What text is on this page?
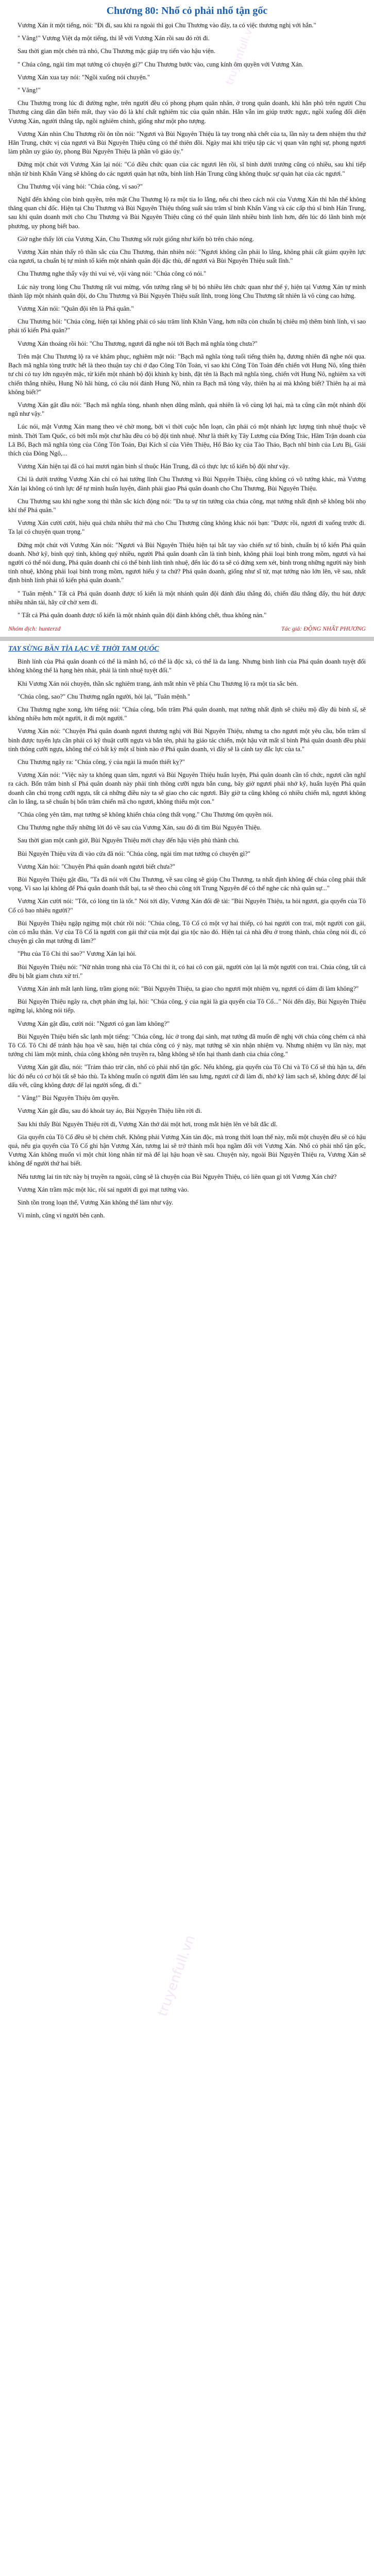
truyenfull.vn
truyenfull.vn
Chương 80: Nhổ cỏ phải nhổ tận gốc

Vương Xán ít một tiếng, nói: "Đi đi, sau khi ra ngoài thì gọi Chu Thương vào đây, ta có việc thương nghị với hắn."

" Vâng!" Vương Việt dạ một tiếng, thi lễ với Vương Xán rồi sau đó rời đi.

Sau thời gian một chén trà nhỏ, Chu Thương mặc giáp trụ tiến vào hậu viện.

" Chúa công, ngài tìm mạt tướng có chuyện gì?" Chu Thương bước vào, cung kính ôm quyền với Vương Xán.

Vương Xán xua tay nói: "Ngồi xuống nói chuyện."

" Vâng!"

Chu Thương trong lúc đi đường nghe, trên người đều có phong phạm quân nhân, ở trong quân doanh, khi hắn phô trên người Chu Thương càng dần dần biến mất, thay vào đó là khí chất nghiêm túc của quân nhân. Hắn vẫn im giúp trước ngực, ngồi xuống đối diện Vương Xán, người thẳng tắp, ngồi nghiêm chỉnh, giống như một pho tượng.

Vương Xán nhìn Chu Thương rồi ôn tồn nói: "Ngươi và Bùi Nguyên Thiệu là tay trong nhà chết của ta, lần này ta đem nhiệm thu thứ Hãn Trung, chức vị của ngươi và Bùi Nguyên Thiệu cũng có thể thiên đồi. Ngày mai khi triệu tập các vị quan văn nghị sự, phong ngươi làm phần uy giáo úy, phong Bùi Nguyên Thiệu là phần vô giáo úy."

Đứng một chút với Vương Xán lại nói: "Có điều chức quan của các ngươi lên rồi, sĩ binh dưới trướng cũng có nhiều, sau khi tiếp nhận từ binh Khẩn Vàng sẽ không do các ngươi quản hạt nữa, binh lính Hán Trung cũng không thuộc sự quản hạt của các ngươi."

Chu Thương vội vàng hỏi: "Chúa công, vì sao?"

Nghĩ đến không còn binh quyền, trên mặt Chu Thương lộ ra một tia lo lắng, nếu chỉ theo cách nói của Vương Xán thì hắn thế không thăng quan chỉ đốc. Hiện tại Chu Thương và Bùi Nguyên Thiệu thống suất sáu trăm sĩ binh Khẩn Vàng và các cấp thủ sĩ binh Hán Trung, sau khi quân doanh mới cho Chu Thương và Bùi Nguyên Thiệu cũng có thể quản lãnh nhiều binh lính hơn, đến lúc đó lãnh binh một phương, uy phong biết bao.

Giờ nghe thấy lời của Vương Xán, Chu Thương sốt ruột giống như kiến bò trên chảo nóng.

Vương Xán nhàn thấy rõ thần sắc của Chu Thương, thản nhiên nói: "Ngươi không cần phải lo lắng, không phải cất giảm quyền lực của ngươi, ta chuẩn bị tự mình tổ kiến một nhánh quân đội đặc thù, để ngươi và Bùi Nguyên Thiệu suất lĩnh."

Chu Thương nghe thấy vậy thì vui vẻ, vội vàng nói: "Chúa công có nói."

Lúc này trong lòng Chu Thương rất vui mừng, vốn tưởng rằng sẽ bị bỏ nhiều lên chức quan như thế ý, hiện tại Vương Xán tự mình thành lập một nhánh quân đội, do Chu Thương và Bùi Nguyên Thiệu suất lĩnh, trong lòng Chu Thương tất nhiên là vô cùng cao hứng.

Vương Xán nói: "Quân đội tên là Phá quân."

Chu Thương hỏi: "Chúa công, hiện tại không phải có sáu trăm lính Khăn Vàng, hơn nữa còn chuẩn bị chiêu mộ thêm binh lính, vì sao phải tổ kiến Phá quân?"

Vương Xán thoáng rồi hỏi: "Chu Thương, ngươi đã nghe nói tới Bạch mã nghĩa tòng chưa?"

Trên mặt Chu Thương lộ ra vẻ khâm phục, nghiêm mặt nói: "Bạch mã nghĩa tòng tuổi tiếng thiên hạ, đương nhiên đã nghe nói qua. Bạch mã nghĩa tòng trước hết là theo thuận tay chi ở đạo Công Tôn Toản, vì sao khi Công Tôn Toản đến chiến với Hung Nô, tổng thiên tư chi có tuy lớn nguyên mặc, từ kiến một nhánh bộ đội khinh kỵ binh, đặt tên là Bạch mã nghĩa tòng, chiến với Hung Nô, nghiêm xa vời chiến thắng nhiều, Hung Nô hãi hùng, có câu nói đánh Hung Nô, nhìn ra Bạch mã tòng vây, thiên hạ ai mà không biết? Thiên hạ ai mà không biết?"

Vương Xán gật đầu nói: "Bạch mã nghĩa tòng, nhanh nhẹn dũng mãnh, quả nhiên là vô cùng lợi hại, mà ta cũng cần một nhánh đội ngũ như vậy."

Lúc nói, mặt Vương Xán mang theo vẻ chờ mong, bởi vì thời cuộc hỗn loạn, cần phải có một nhánh lực lượng tinh nhuệ thuộc về mình. Thời Tam Quốc, có bởi mỗi một chư hầu đều có bộ đội tinh nhuệ. Như là thiết kỵ Tây Lương của Đổng Trác, Hãm Trận doanh của Lã Bố, Bạch mã nghĩa tòng của Công Tôn Toản, Đại Kích sĩ của Viên Thiệu, Hổ Báo kỵ của Tào Tháo, Bạch nhĩ binh của Lưu Bị, Giải thích của Đông Ngô,...

Vương Xán hiện tại đã có hai mươi ngàn binh sĩ thuộc Hán Trung, đã có thực lực tổ kiến bộ đội như vậy.

Chỉ là dưới trướng Vương Xán chỉ có hai tướng lĩnh Chu Thương và Bùi Nguyên Thiệu, cũng không có võ tướng khác, mà Vương Xán lại không có tinh lực để tự mình huấn luyện, đành phải giao Phá quân doanh cho Chu Thương, Bùi Nguyên Thiệu.

Chu Thương sau khi nghe xong thì thần sắc kích động nói: "Đa tạ sự tin tưởng của chúa công, mạt tướng nhất định sẽ không bôi nhọ khí thế Phá quân."

Vương Xán cười cười, hiệu quả chứa nhiều thứ mà cho Chu Thương cũng không khác nói bạn: "Được rồi, ngươi đi xuống trước đi. Ta lại có chuyện quan trọng."

Đứng một chút với Vương Xán nói: "Ngươi và Bùi Nguyên Thiệu hiện tại bắt tay vào chiến sự tổ binh, chuẩn bị tổ kiến Phá quân doanh. Nhớ kỹ, binh quý tinh, không quý nhiều, người Phá quân doanh cần là tinh binh, không phải loại binh trong mồm, ngươi và hai người có thể nói dung, Phá quân doanh chỉ có thể binh lính tinh nhuệ, đến lúc đó ta sẽ có đứng xem xét, binh trong những người này binh tinh nhuệ, không phải loại binh trong mồm, ngươi hiểu ý ta chứ? Phá quân doanh, giống như sĩ tử, mạt tướng nào lớn lên, về sau, nhất định binh lính phải tố kiến phá quân doanh."

" Tuân mệnh." Tất cả Phá quân doanh được tổ kiến là một nhánh quân đội đánh đâu thắng đó, chiến đâu thắng đấy, thu hút được nhiều nhân tài, hãy cứ chờ xem đi.

" Tất cả Phá quân doanh được tổ kiến là một nhánh quân đội đánh không chết, thua không nản."

Nhóm dịch: hunterzd	Tác giả: ĐỘNG NHẤT PHƯƠNG
TAY SỪNG BẦN TÌA LẠC VỀ THỜI TAM QUỐC

Binh lính của Phá quân doanh có thể là mãnh hổ, có thể là độc xà, có thể là đa lang. Nhưng binh lính của Phá quân doanh tuyệt đối không không thể là hạng hèn nhát, phải là tinh nhuệ tuyệt đối."

Khi Vương Xán nói chuyện, thần sắc nghiêm trang, ánh mắt nhìn về phía Chu Thương lộ ra một tia sắc bén.

"Chúa công, sao?" Chu Thương ngẩn người, hỏi lại, "Tuân mệnh."

Chu Thương nghe xong, lớn tiếng nói: "Chúa công, bốn trăm Phá quân doanh, mạt tướng nhất định sẽ chiêu mộ đầy đủ binh sĩ, sẽ không nhiều hơn một người, ít đi một người."

Vương Xán nói: "Chuyện Phá quân doanh ngươi thương nghị với Bùi Nguyên Thiệu, nhưng ta cho ngươi một yêu cầu, bốn trăm sĩ binh được tuyển lựa cần phải có kỹ thuật cưỡi ngựa và bắn tên, phải hạ giáo tác chiến, một hậu vứt mất sĩ binh Phá quân doanh đều phải tinh thông cưỡi ngựa, không thể có bất kỳ một sĩ binh nào ở Phá quân doanh, vì đây sẽ là cánh tay đắc lực của ta."

Chu Thương ngây ra: "Chúa công, ý của ngài là muốn thiết kỵ?"

Vương Xán nói: "Việc này ta không quan tâm, ngươi và Bùi Nguyên Thiệu huấn luyện, Phá quân doanh cần tổ chức, ngươi cần nghĩ ra cách. Bốn trăm binh sĩ Phá quân doanh này phải tinh thông cưỡi ngựa bắn cung, bây giờ ngươi phải nhớ kỹ, huấn luyện Phá quân doanh cần chú trọng cưỡi ngựa, tất cả những điều này ta sẽ giao cho các ngươi. Bây giờ ta cũng không có nhiều chiến mã, ngươi không cần lo lắng, ta sẽ chuẩn bị bốn trăm chiến mã cho ngươi, không thiếu một con."

"Chúa công yên tâm, mạt tướng sẽ không khiến chúa công thất vọng." Chu Thương ôm quyền nói.

Chu Thương nghe thấy những lời đó về sau của Vương Xán, sau đó đi tìm Bùi Nguyên Thiệu.

Sau thời gian một canh giờ, Bùi Nguyên Thiệu mới chạy đến hậu viện phủ thành chủ.

Bùi Nguyên Thiệu vừa đi vào cửa đã nói: "Chúa công, ngài tìm mạt tướng có chuyện gì?"

Vương Xán hỏi: "Chuyện Phá quân doanh ngươi biết chưa?"

Bùi Nguyên Thiệu gật đầu, "Ta đã nói với Chu Thương, về sau cũng sẽ giúp Chu Thương, ta nhất định không để chúa công phải thất vọng. Vì sao lại không để Phá quân doanh thất bại, ta sẽ theo chủ công tới Trung Nguyên để có thể nghe các nhà quân sự..."

Vương Xán cười nói: "Tốt, có lòng tin là tốt." Nói tới đây, Vương Xán đổi đề tài: "Bùi Nguyên Thiệu, ta hỏi ngươi, gia quyến của Tô Cố có bao nhiêu người?"

Bùi Nguyên Thiệu ngập ngừng một chút rồi nói: "Chúa công, Tô Cố có một vợ hai thiếp, có hai người con trai, một người con gái, còn có mẫu thân. Vợ của Tô Cố là người con gái thứ của một đại gia tộc nào đó. Hiện tại cả nhà đều ở trong thành, chúa công nói đi, có chuyện gì cần mạt tướng đi làm?"

"Phu của Tô Chi thì sao?" Vương Xán lại hỏi.

Bùi Nguyên Thiệu nói: "Nữ nhân trong nhà của Tô Chi thì ít, có hai cô con gái, người còn lại là một người con trai. Chúa công, tất cả đều bị bắt giam chưa xử trí."

Vương Xán ánh mắt lạnh lùng, trầm giọng nói: "Bùi Nguyên Thiệu, ta giao cho ngươi một nhiệm vụ, ngươi có dám đi làm không?"

Bùi Nguyên Thiệu ngây ra, chợt phản ứng lại, hỏi: "Chúa công, ý của ngài là gia quyến của Tô Cố..." Nói đến đây, Bùi Nguyên Thiệu ngừng lại, không nói tiếp.

Vương Xán gật đầu, cười nói: "Ngươi có gan làm không?"

Bùi Nguyên Thiệu biến sắc lạnh một tiếng: "Chúa công, lúc ở trong đại sảnh, mạt tướng đã muốn đề nghị với chúa công chém cả nhà Tô Cố. Tô Chi để tránh hậu họa về sau, hiện tại chúa công có ý này, mạt tướng sẽ xin nhận nhiệm vụ. Nhưng nhiệm vụ lần này, mạt tướng chỉ làm một mình, chúa công không nên truyền ra, bằng không sẽ tổn hại thanh danh của chúa công."

Vương Xán gật đầu, nói: "Trảm thảo trừ căn, nhổ cỏ phải nhổ tận gốc. Nếu không, gia quyến của Tô Chi và Tô Cố sẽ thù hận ta, đến lúc đó nếu có cơ hội tất sẽ báo thù. Ta không muốn có người đâm lén sau lưng, ngươi cứ đi làm đi, nhớ kỹ làm sạch sẽ, không được để lại dấu vết, cũng không được để lại người sống, đi đi."

" Vâng!" Bùi Nguyên Thiệu ôm quyền.

Vương Xán gật đầu, sau đó khoát tay áo, Bùi Nguyên Thiệu liền rời đi.

Sau khi thấy Bùi Nguyên Thiệu rời đi, Vương Xán thở dài một hơi, trong mắt hiện lên vẻ bất đắc dĩ.

Gia quyến của Tô Cố đều sẽ bị chém chết. Không phải Vương Xán tàn độc, mà trong thời loạn thế này, mỗi một chuyện đều sẽ có hậu quả, nếu gia quyến của Tô Cố ghi hận Vương Xán, tương lai sẽ trở thành mối họa ngầm đối với Vương Xán. Nhổ cỏ phải nhổ tận gốc, Vương Xán không muốn vì một chút lòng nhân từ mà để lại hậu hoạn về sau. Chuyện này, ngoài Bùi Nguyên Thiệu ra, Vương Xán sẽ không để người thứ hai biết.

Nếu tương lai tin tức này bị truyền ra ngoài, cũng sẽ là chuyện của Bùi Nguyên Thiệu, có liên quan gì tới Vương Xán chứ?

Vương Xán trầm mặc một lúc, rồi sai người đi gọi mạt tướng vào.

Sinh tồn trong loạn thế, Vương Xán không thể làm như vậy.

Vì mình, cũng vì người bên cạnh.
